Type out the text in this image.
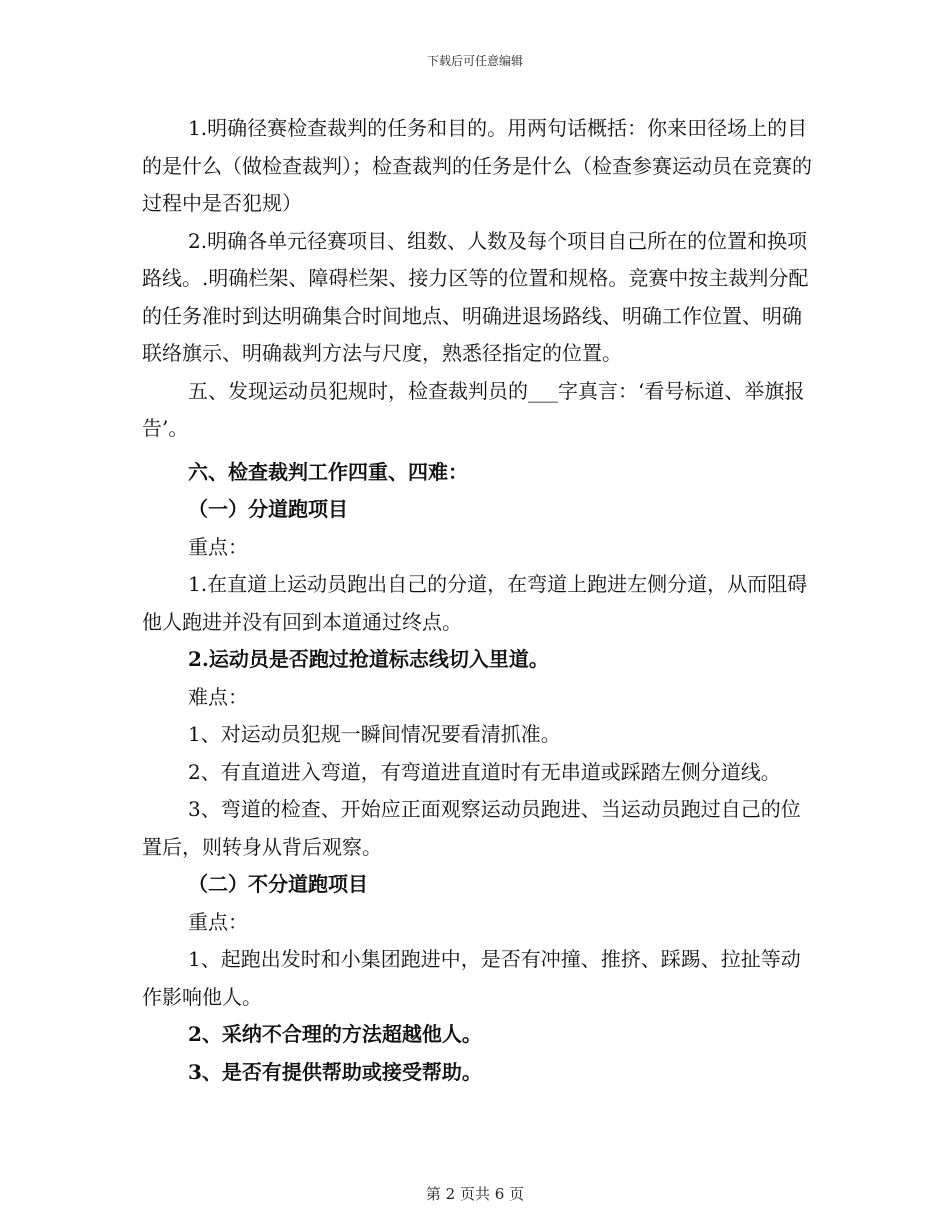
下载后可任意编辑

1.明确径赛检查裁判的任务和目的。用两句话概括：你来田径场上的目的是什么（做检查裁判）；检查裁判的任务是什么（检查参赛运动员在竞赛的过程中是否犯规）

2.明确各单元径赛项目、组数、人数及每个项目自己所在的位置和换项路线。.明确栏架、障碍栏架、接力区等的位置和规格。竞赛中按主裁判分配的任务准时到达明确集合时间地点、明确进退场路线、明确工作位置、明确联络旗示、明确裁判方法与尺度，熟悉径指定的位置。

五、发现运动员犯规时，检查裁判员的___字真言：‘看号标道、举旗报告’。

六、检查裁判工作四重、四难：

（一）分道跑项目

重点：

1.在直道上运动员跑出自己的分道，在弯道上跑进左侧分道，从而阻碍他人跑进并没有回到本道通过终点。

2.运动员是否跑过抢道标志线切入里道。

难点：

1、对运动员犯规一瞬间情况要看清抓准。

2、有直道进入弯道，有弯道进直道时有无串道或踩踏左侧分道线。

3、弯道的检查、开始应正面观察运动员跑进、当运动员跑过自己的位置后，则转身从背后观察。

（二）不分道跑项目

重点：

1、起跑出发时和小集团跑进中，是否有冲撞、推挤、踩踢、拉扯等动作影响他人。

2、采纳不合理的方法超越他人。

3、是否有提供帮助或接受帮助。

第 2 页共 6 页
